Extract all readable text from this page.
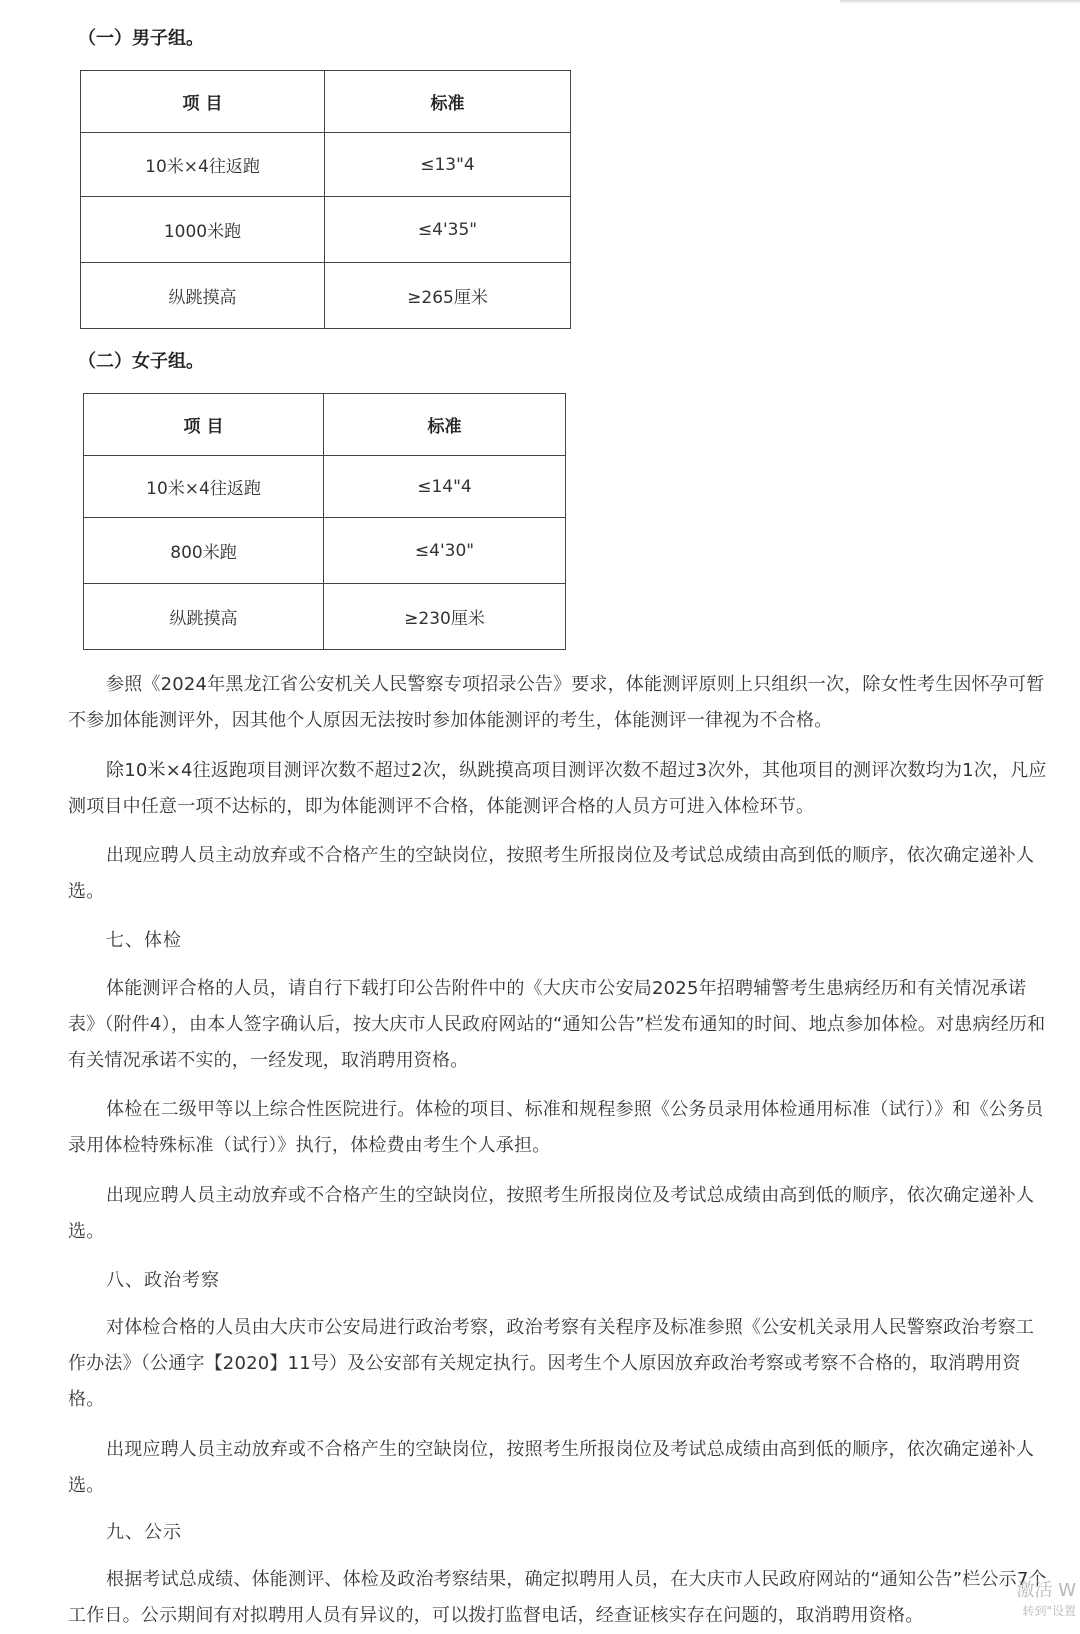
（一）男子组。
项 目	标准
10米×4往返跑	≤13"4
1000米跑	≤4'35"
纵跳摸高	≥265厘米
（二）女子组。
项 目	标准
10米×4往返跑	≤14"4
800米跑	≤4'30"
纵跳摸高	≥230厘米
参照《2024年黑龙江省公安机关人民警察专项招录公告》要求，体能测评原则上只组织一次，除女性考生因怀孕可暂不参加体能测评外，因其他个人原因无法按时参加体能测评的考生，体能测评一律视为不合格。
除10米×4往返跑项目测评次数不超过2次，纵跳摸高项目测评次数不超过3次外，其他项目的测评次数均为1次，凡应测项目中任意一项不达标的，即为体能测评不合格，体能测评合格的人员方可进入体检环节。
出现应聘人员主动放弃或不合格产生的空缺岗位，按照考生所报岗位及考试总成绩由高到低的顺序，依次确定递补人选。
七、体检
体能测评合格的人员，请自行下载打印公告附件中的《大庆市公安局2025年招聘辅警考生患病经历和有关情况承诺表》（附件4），由本人签字确认后，按大庆市人民政府网站的“通知公告”栏发布通知的时间、地点参加体检。对患病经历和有关情况承诺不实的，一经发现，取消聘用资格。
体检在二级甲等以上综合性医院进行。体检的项目、标准和规程参照《公务员录用体检通用标准（试行）》和《公务员录用体检特殊标准（试行）》执行，体检费由考生个人承担。
出现应聘人员主动放弃或不合格产生的空缺岗位，按照考生所报岗位及考试总成绩由高到低的顺序，依次确定递补人选。
八、政治考察
对体检合格的人员由大庆市公安局进行政治考察，政治考察有关程序及标准参照《公安机关录用人民警察政治考察工作办法》（公通字【2020】11号）及公安部有关规定执行。因考生个人原因放弃政治考察或考察不合格的，取消聘用资格。
出现应聘人员主动放弃或不合格产生的空缺岗位，按照考生所报岗位及考试总成绩由高到低的顺序，依次确定递补人选。
九、公示
根据考试总成绩、体能测评、体检及政治考察结果，确定拟聘用人员，在大庆市人民政府网站的“通知公告”栏公示7个工作日。公示期间有对拟聘用人员有异议的，可以拨打监督电话，经查证核实存在问题的，取消聘用资格。
激活 W
转到"设置
